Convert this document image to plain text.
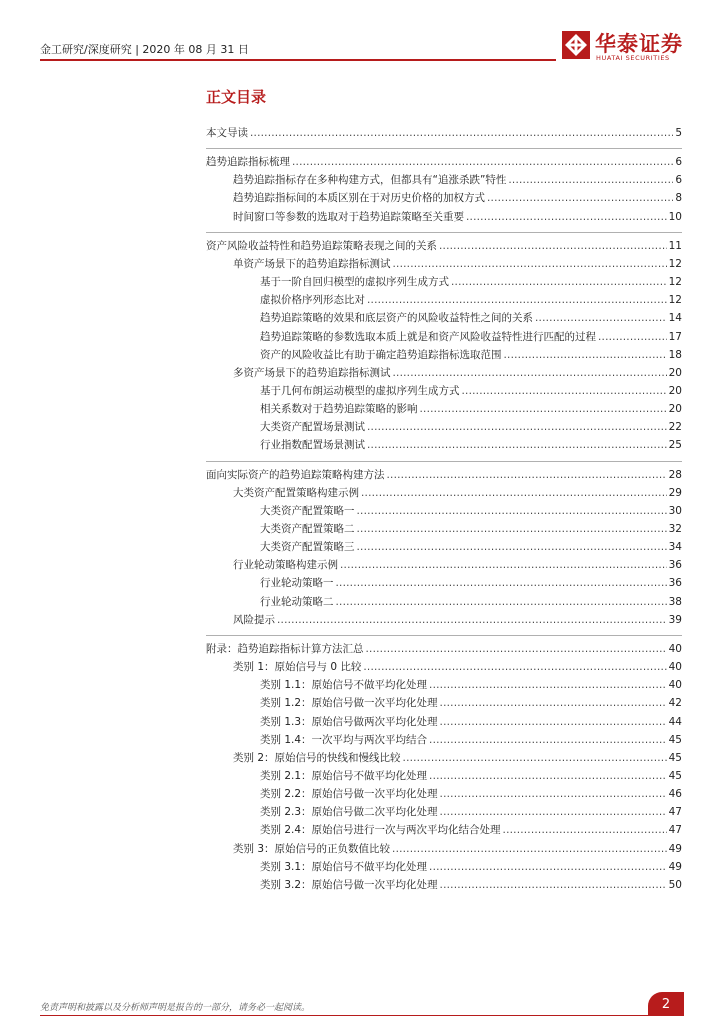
金工研究/深度研究 | 2020 年 08 月 31 日	华泰证券
HUATAI SECURITIES
正文目录
本文导读 .....	5
趋势追踪指标梳理 .....	6
趋势追踪指标存在多种构建方式，但都具有“追涨杀跌”特性 .....	6
趋势追踪指标间的本质区别在于对历史价格的加权方式 .....	8
时间窗口等参数的选取对于趋势追踪策略至关重要 .....	10
资产风险收益特性和趋势追踪策略表现之间的关系 .....	11
单资产场景下的趋势追踪指标测试 .....	12
基于一阶自回归模型的虚拟序列生成方式 .....	12
虚拟价格序列形态比对 .....	12
趋势追踪策略的效果和底层资产的风险收益特性之间的关系 .....	14
趋势追踪策略的参数选取本质上就是和资产风险收益特性进行匹配的过程 .....	17
资产的风险收益比有助于确定趋势追踪指标选取范围 .....	18
多资产场景下的趋势追踪指标测试 .....	20
基于几何布朗运动模型的虚拟序列生成方式 .....	20
相关系数对于趋势追踪策略的影响 .....	20
大类资产配置场景测试 .....	22
行业指数配置场景测试 .....	25
面向实际资产的趋势追踪策略构建方法 .....	28
大类资产配置策略构建示例 .....	29
大类资产配置策略一 .....	30
大类资产配置策略二 .....	32
大类资产配置策略三 .....	34
行业轮动策略构建示例 .....	36
行业轮动策略一 .....	36
行业轮动策略二 .....	38
风险提示 .....	39
附录：趋势追踪指标计算方法汇总 .....	40
类别 1：原始信号与 0 比较 .....	40
类别 1.1：原始信号不做平均化处理 .....	40
类别 1.2：原始信号做一次平均化处理 .....	42
类别 1.3：原始信号做两次平均化处理 .....	44
类别 1.4：一次平均与两次平均结合 .....	45
类别 2：原始信号的快线和慢线比较 .....	45
类别 2.1：原始信号不做平均化处理 .....	45
类别 2.2：原始信号做一次平均化处理 .....	46
类别 2.3：原始信号做二次平均化处理 .....	47
类别 2.4：原始信号进行一次与两次平均化结合处理 .....	47
类别 3：原始信号的正负数值比较 .....	49
类别 3.1：原始信号不做平均化处理 .....	49
类别 3.2：原始信号做一次平均化处理 .....	50
免责声明和披露以及分析师声明是报告的一部分，请务必一起阅读。	2
